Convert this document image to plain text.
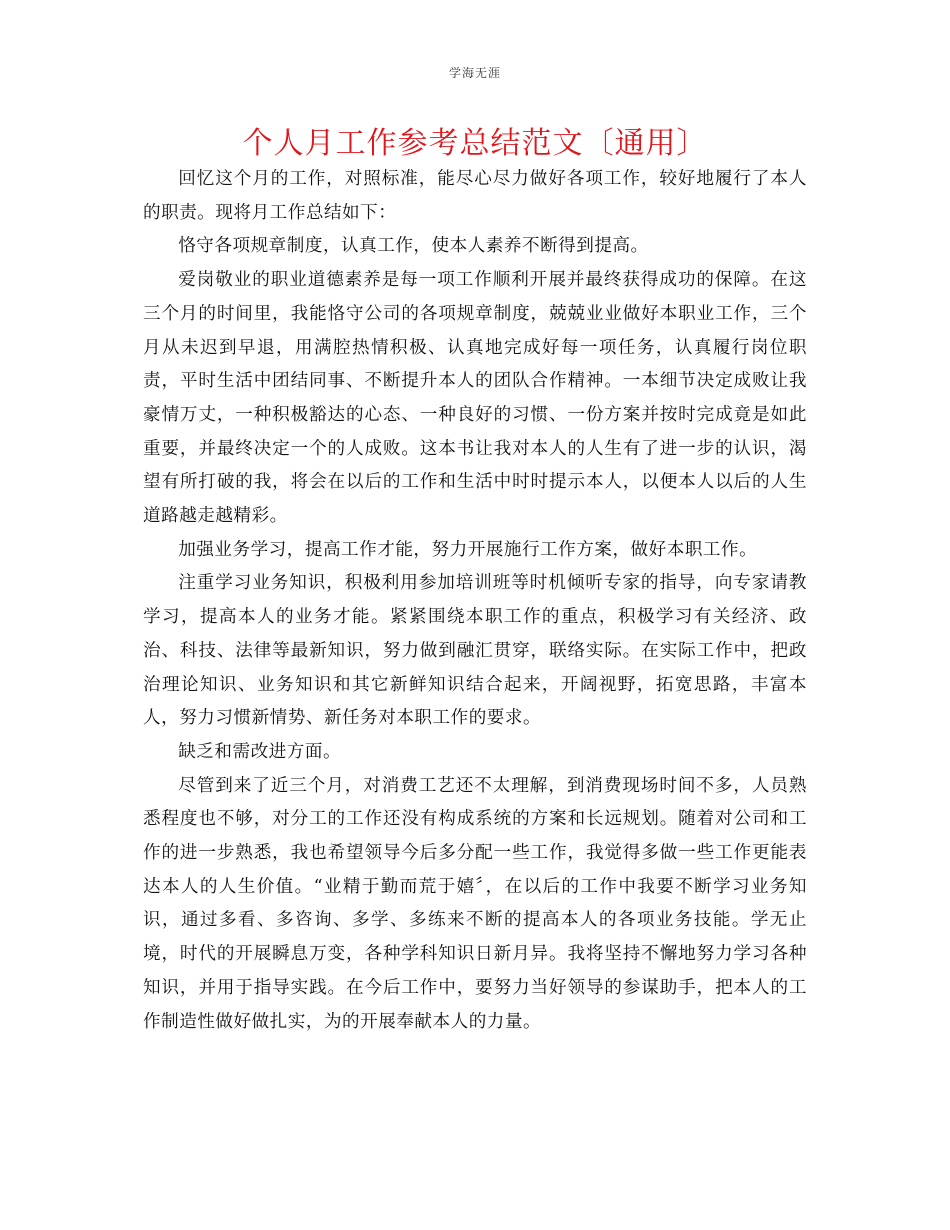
学海无涯
个人月工作参考总结范文〔通用〕

回忆这个月的工作，对照标准，能尽心尽力做好各项工作，较好地履行了本人的职责。现将月工作总结如下：

恪守各项规章制度，认真工作，使本人素养不断得到提高。

爱岗敬业的职业道德素养是每一项工作顺利开展并最终获得成功的保障。在这三个月的时间里，我能恪守公司的各项规章制度，兢兢业业做好本职业工作，三个月从未迟到早退，用满腔热情积极、认真地完成好每一项任务，认真履行岗位职责，平时生活中团结同事、不断提升本人的团队合作精神。一本细节决定成败让我豪情万丈，一种积极豁达的心态、一种良好的习惯、一份方案并按时完成竟是如此重要，并最终决定一个的人成败。这本书让我对本人的人生有了进一步的认识，渴望有所打破的我，将会在以后的工作和生活中时时提示本人，以便本人以后的人生道路越走越精彩。

加强业务学习，提高工作才能，努力开展施行工作方案，做好本职工作。

注重学习业务知识，积极利用参加培训班等时机倾听专家的指导，向专家请教学习，提高本人的业务才能。紧紧围绕本职工作的重点，积极学习有关经济、政治、科技、法律等最新知识，努力做到融汇贯穿，联络实际。在实际工作中，把政治理论知识、业务知识和其它新鲜知识结合起来，开阔视野，拓宽思路，丰富本人，努力习惯新情势、新任务对本职工作的要求。

缺乏和需改进方面。

尽管到来了近三个月，对消费工艺还不太理解，到消费现场时间不多，人员熟悉程度也不够，对分工的工作还没有构成系统的方案和长远规划。随着对公司和工作的进一步熟悉，我也希望领导今后多分配一些工作，我觉得多做一些工作更能表达本人的人生价值。“业精于勤而荒于嬉〞，在以后的工作中我要不断学习业务知识，通过多看、多咨询、多学、多练来不断的提高本人的各项业务技能。学无止境，时代的开展瞬息万变，各种学科知识日新月异。我将坚持不懈地努力学习各种知识，并用于指导实践。在今后工作中，要努力当好领导的参谋助手，把本人的工作制造性做好做扎实，为的开展奉献本人的力量。
